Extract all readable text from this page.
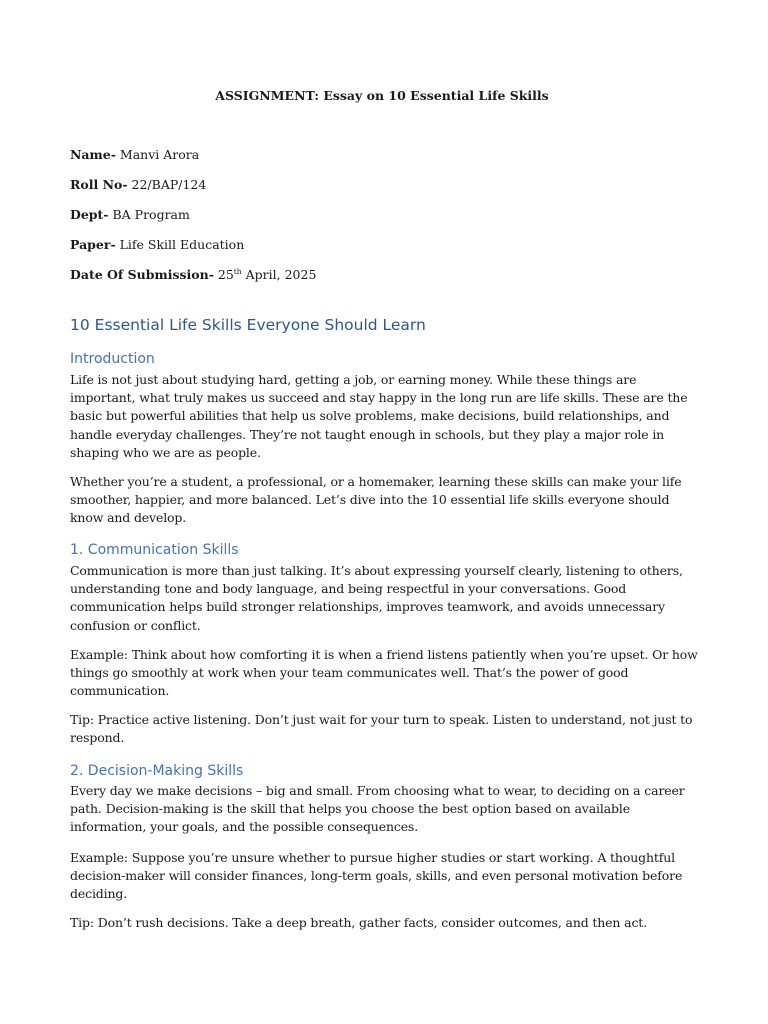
ASSIGNMENT: Essay on 10 Essential Life Skills
Name- Manvi Arora
Roll No- 22/BAP/124
Dept- BA Program
Paper- Life Skill Education
Date Of Submission- 25th April, 2025
10 Essential Life Skills Everyone Should Learn
Introduction

Life is not just about studying hard, getting a job, or earning money. While these things are important, what truly makes us succeed and stay happy in the long run are life skills. These are the basic but powerful abilities that help us solve problems, make decisions, build relationships, and handle everyday challenges. They’re not taught enough in schools, but they play a major role in shaping who we are as people.

Whether you’re a student, a professional, or a homemaker, learning these skills can make your life smoother, happier, and more balanced. Let’s dive into the 10 essential life skills everyone should know and develop.

1. Communication Skills

Communication is more than just talking. It’s about expressing yourself clearly, listening to others, understanding tone and body language, and being respectful in your conversations. Good communication helps build stronger relationships, improves teamwork, and avoids unnecessary confusion or conflict.

Example: Think about how comforting it is when a friend listens patiently when you’re upset. Or how things go smoothly at work when your team communicates well. That’s the power of good communication.

Tip: Practice active listening. Don’t just wait for your turn to speak. Listen to understand, not just to respond.

2. Decision-Making Skills

Every day we make decisions – big and small. From choosing what to wear, to deciding on a career path. Decision-making is the skill that helps you choose the best option based on available information, your goals, and the possible consequences.

Example: Suppose you’re unsure whether to pursue higher studies or start working. A thoughtful decision-maker will consider finances, long-term goals, skills, and even personal motivation before deciding.

Tip: Don’t rush decisions. Take a deep breath, gather facts, consider outcomes, and then act.
